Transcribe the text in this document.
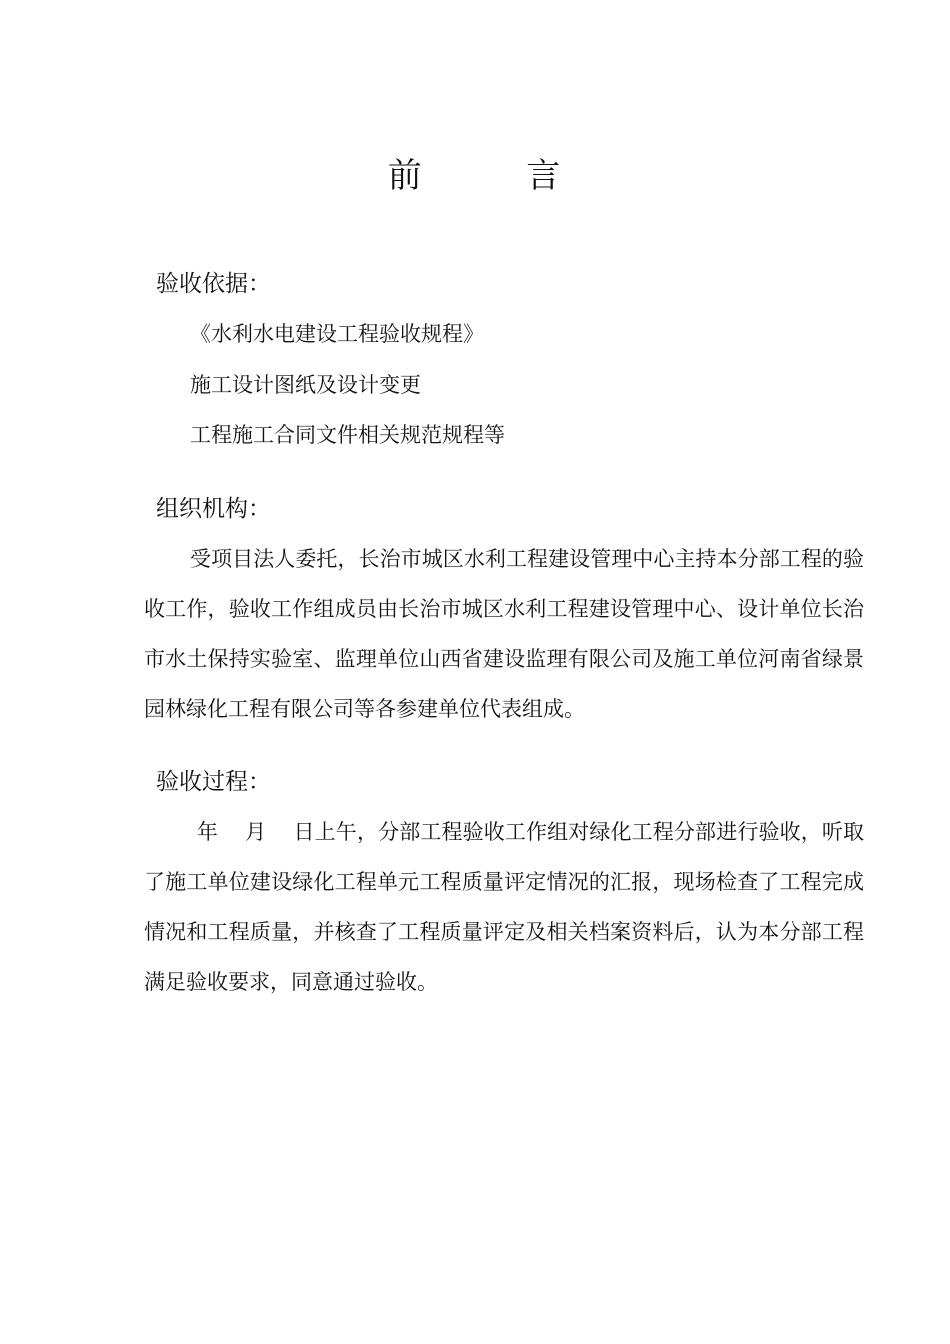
前        言
验收依据：
《水利水电建设工程验收规程》
施工设计图纸及设计变更
工程施工合同文件相关规范规程等
组织机构：
受项目法人委托，长治市城区水利工程建设管理中心主持本分部工程的验收工作，验收工作组成员由长治市城区水利工程建设管理中心、设计单位长治市水土保持实验室、监理单位山西省建设监理有限公司及施工单位河南省绿景园林绿化工程有限公司等各参建单位代表组成。
验收过程：
年    月    日上午，分部工程验收工作组对绿化工程分部进行验收，听取了施工单位建设绿化工程单元工程质量评定情况的汇报，现场检查了工程完成情况和工程质量，并核查了工程质量评定及相关档案资料后，认为本分部工程满足验收要求，同意通过验收。
